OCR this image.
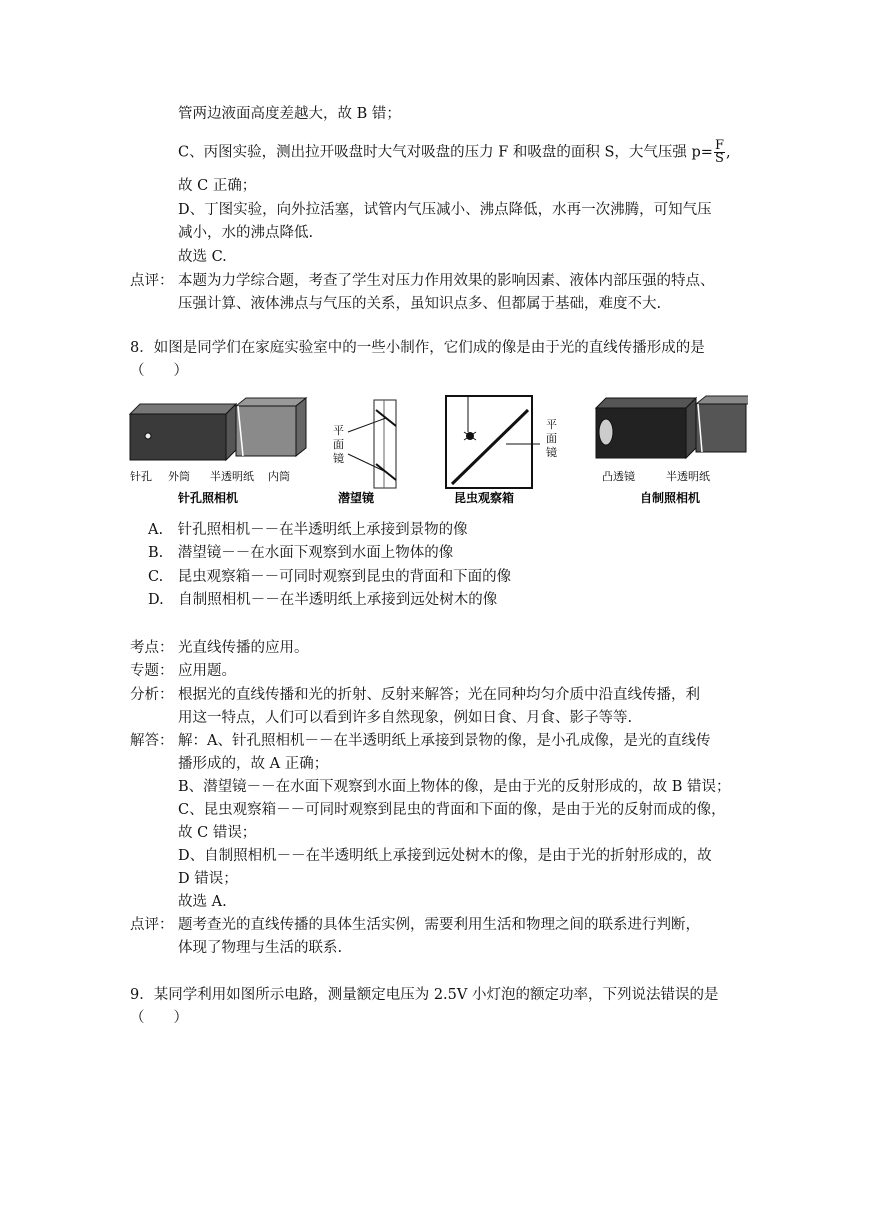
管两边液面高度差越大，故 B 错；
C、丙图实验，测出拉开吸盘时大气对吸盘的压力 F 和吸盘的面积 S，大气压强 $p= \frac{F}{S}$ ,
故 C 正确；
D、丁图实验，向外拉活塞，试管内气压减小、沸点降低，水再一次沸腾，可知气压
减小，水的沸点降低.
故选 C.
点评： 本题为力学综合题，考查了学生对压力作用效果的影响因素、液体内部压强的特点、
压强计算、液体沸点与气压的关系，虽知识点多、但都属于基础，难度不大.
8．如图是同学们在家庭实验室中的一些小制作，它们成的像是由于光的直线传播形成的是
（　　）
针孔 外筒 半透明纸 内筒
针孔照相机
平
面
镜
潜望镜
平
面
镜
昆虫观察箱
凸透镜	半透明纸
自制照相机
A.　针孔照相机－－在半透明纸上承接到景物的像
B.　潜望镜－－在水面下观察到水面上物体的像
C.　昆虫观察箱－－可同时观察到昆虫的背面和下面的像
D.　自制照相机－－在半透明纸上承接到远处树木的像
考点： 光直线传播的应用。
专题： 应用题。
分析： 根据光的直线传播和光的折射、反射来解答；光在同种均匀介质中沿直线传播，利
用这一特点，人们可以看到许多自然现象，例如日食、月食、影子等等.
解答： 解：A、针孔照相机－－在半透明纸上承接到景物的像，是小孔成像，是光的直线传
播形成的，故 A 正确；
B、潜望镜－－在水面下观察到水面上物体的像，是由于光的反射形成的，故 B 错误；
C、昆虫观察箱－－可同时观察到昆虫的背面和下面的像，是由于光的反射而成的像，
故 C 错误；
D、自制照相机－－在半透明纸上承接到远处树木的像，是由于光的折射形成的，故
D 错误；
故选 A.
点评： 题考查光的直线传播的具体生活实例，需要利用生活和物理之间的联系进行判断，
体现了物理与生活的联系.
9．某同学利用如图所示电路，测量额定电压为 2.5V 小灯泡的额定功率，下列说法错误的是
（　　）
